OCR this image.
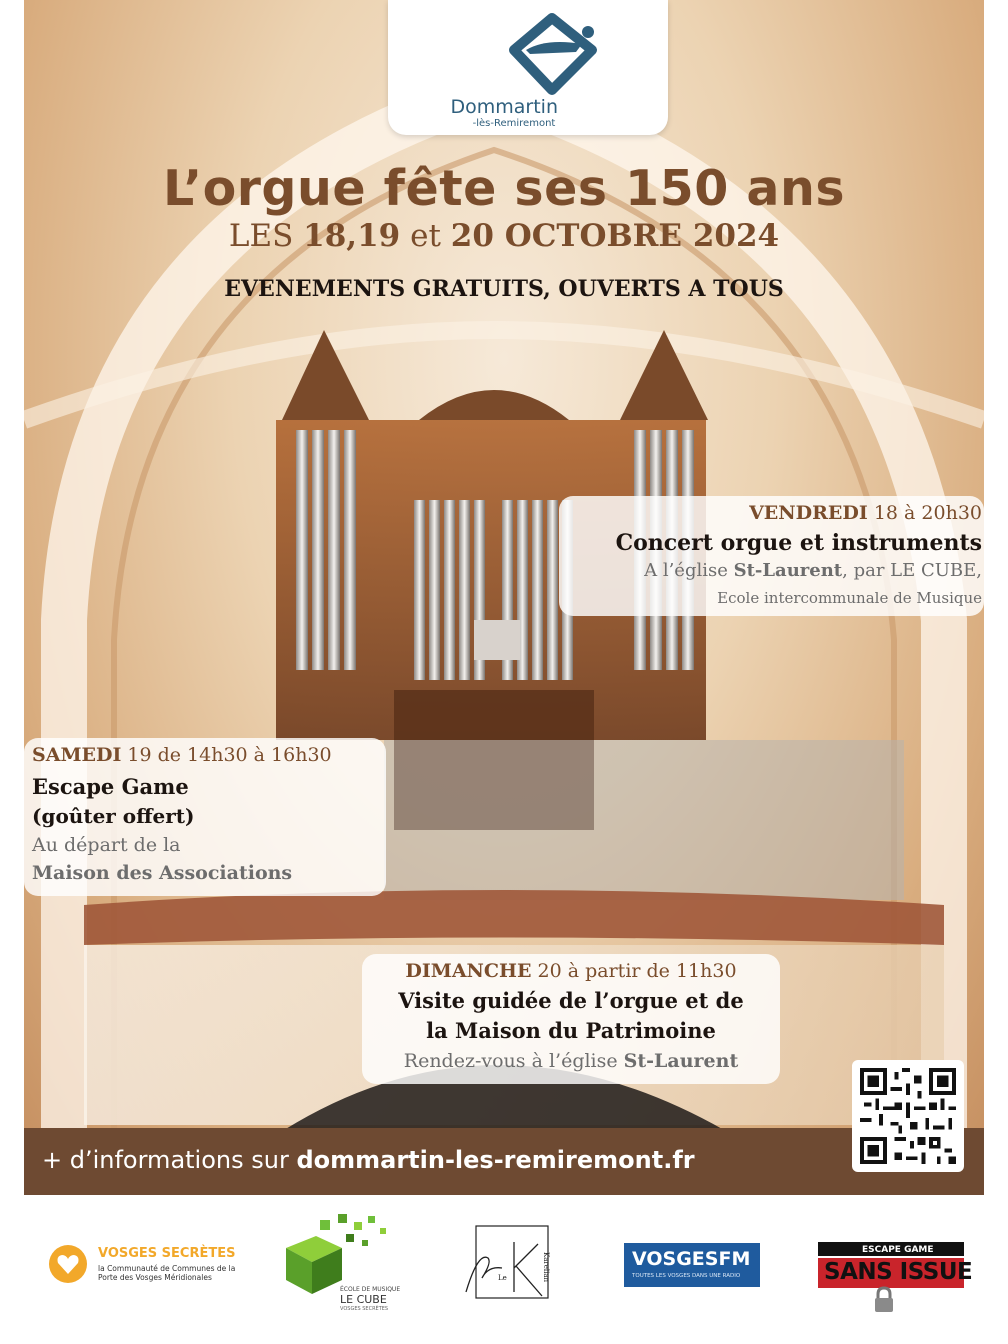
Dommartin
-lès-Remiremont
L’orgue fête ses 150 ans
LES 18,19 et 20 OCTOBRE 2024
EVENEMENTS GRATUITS, OUVERTS A TOUS
VENDREDI 18 à 20h30
Concert orgue et instruments
A l’église St-Laurent, par LE CUBE,
Ecole intercommunale de Musique
SAMEDI 19 de 14h30 à 16h30
Escape Game
(goûter offert)
Au départ de la
Maison des Associations
DIMANCHE 20 à partir de 11h30
Visite guidée de l’orgue et de
la Maison du Patrimoine
Rendez-vous à l’église St-Laurent
+ d’informations sur dommartin-les-remiremont.fr
VOSGES SECRÈTES
la Communauté de Communes de la Porte des Vosges Méridionales
ÉCOLE DE MUSIQUE
LE CUBE
VOSGES SECRÈTES
Le	Karelian	VOSGESFM
TOUTES LES VOSGES DANS UNE RADIO
ESCAPE GAME
SANS ISSUE
